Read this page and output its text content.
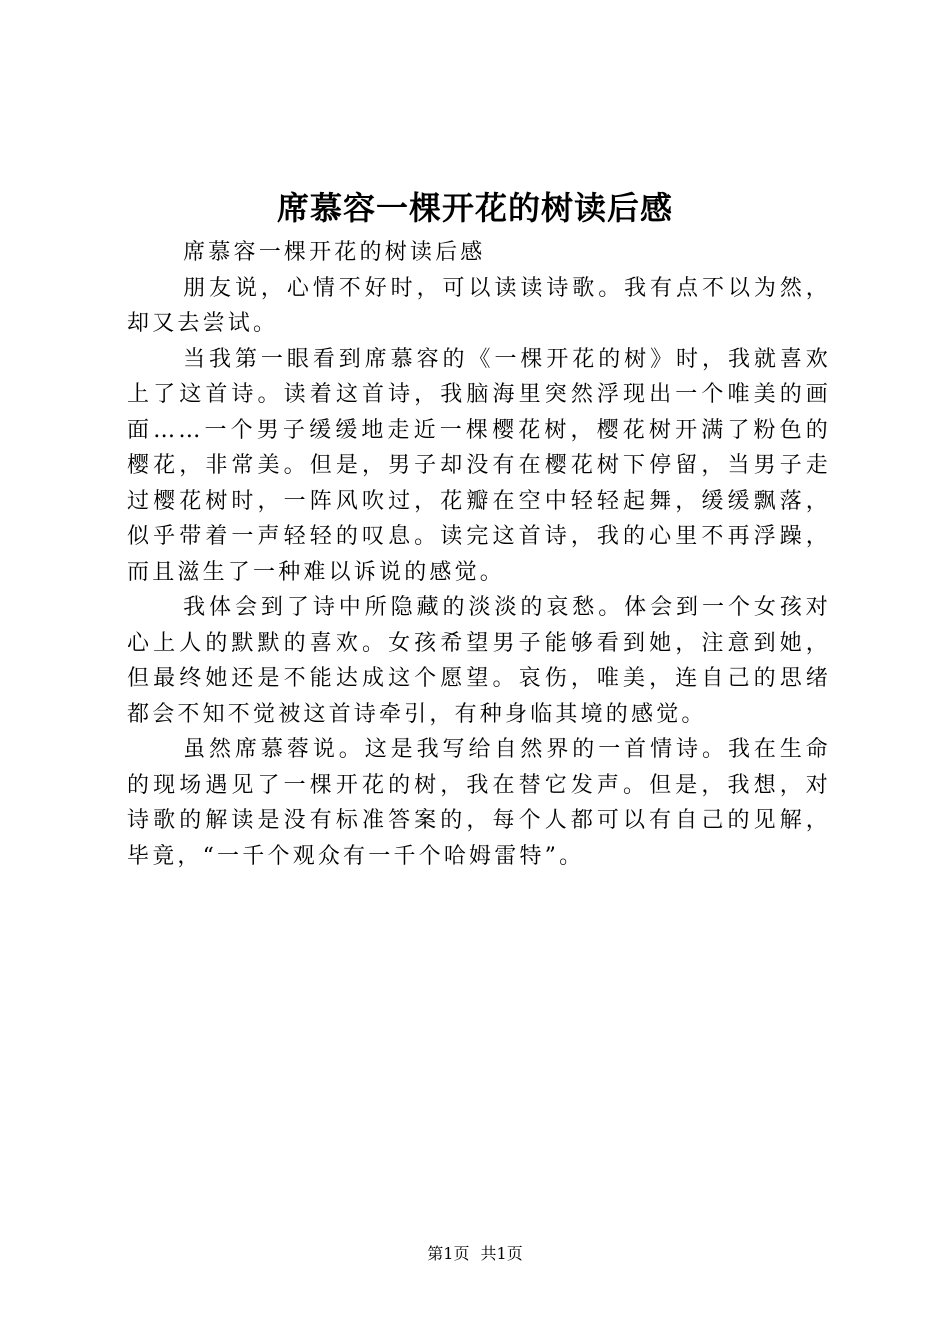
席慕容一棵开花的树读后感

席慕容一棵开花的树读后感

朋友说，心情不好时，可以读读诗歌。我有点不以为然，却又去尝试。

当我第一眼看到席慕容的《一棵开花的树》时，我就喜欢上了这首诗。读着这首诗，我脑海里突然浮现出一个唯美的画面……一个男子缓缓地走近一棵樱花树，樱花树开满了粉色的樱花，非常美。但是，男子却没有在樱花树下停留，当男子走过樱花树时，一阵风吹过，花瓣在空中轻轻起舞，缓缓飘落，似乎带着一声轻轻的叹息。读完这首诗，我的心里不再浮躁，而且滋生了一种难以诉说的感觉。

我体会到了诗中所隐藏的淡淡的哀愁。体会到一个女孩对心上人的默默的喜欢。女孩希望男子能够看到她，注意到她，但最终她还是不能达成这个愿望。哀伤，唯美，连自己的思绪都会不知不觉被这首诗牵引，有种身临其境的感觉。

虽然席慕蓉说。这是我写给自然界的一首情诗。我在生命的现场遇见了一棵开花的树，我在替它发声。但是，我想，对诗歌的解读是没有标准答案的，每个人都可以有自己的见解，毕竟，“一千个观众有一千个哈姆雷特”。

第1页 共1页
